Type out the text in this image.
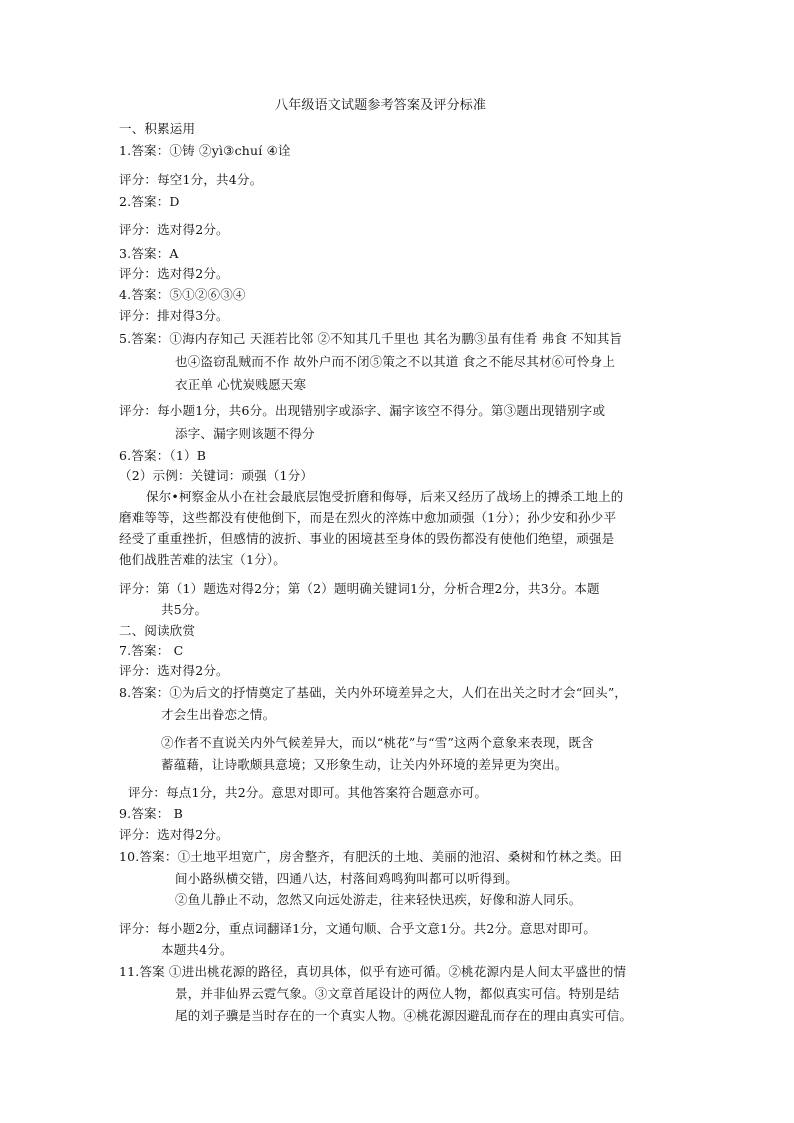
八年级语文试题参考答案及评分标准
一、积累运用
1.答案：①铸 ②yì③chuí ④诠
评分：每空1分，共4分。
2.答案：D
评分：选对得2分。
3.答案：A
评分：选对得2分。
4.答案：⑤①②⑥③④
评分：排对得3分。
5.答案：①海内存知己 天涯若比邻 ②不知其几千里也 其名为鹏③虽有佳肴 弗食 不知其旨
也④盗窃乱贼而不作 故外户而不闭⑤策之不以其道 食之不能尽其材⑥可怜身上
衣正单 心忧炭贱愿天寒
评分：每小题1分，共6分。出现错别字或添字、漏字该空不得分。第③题出现错别字或
添字、漏字则该题不得分
6.答案：（1）B
（2）示例：关键词：顽强（1分）
保尔•柯察金从小在社会最底层饱受折磨和侮辱，后来又经历了战场上的搏杀工地上的
磨难等等，这些都没有使他倒下，而是在烈火的淬炼中愈加顽强（1分）；孙少安和孙少平
经受了重重挫折，但感情的波折、事业的困境甚至身体的毁伤都没有使他们绝望，顽强是
他们战胜苦难的法宝（1分）。
评分：第（1）题选对得2分；第（2）题明确关键词1分，分析合理2分，共3分。本题
共5分。
二、阅读欣赏
7.答案： C
评分：选对得2分。
8.答案：①为后文的抒情奠定了基础，关内外环境差异之大，人们在出关之时才会“回头”，
才会生出眷恋之情。
②作者不直说关内外气候差异大，而以“桃花”与“雪”这两个意象来表现，既含
蓄蕴藉，让诗歌颇具意境；又形象生动，让关内外环境的差异更为突出。
评分：每点1分，共2分。意思对即可。其他答案符合题意亦可。
9.答案： B
评分：选对得2分。
10.答案：①土地平坦宽广，房舍整齐，有肥沃的土地、美丽的池沼、桑树和竹林之类。田
间小路纵横交错，四通八达，村落间鸡鸣狗叫都可以听得到。
②鱼儿静止不动，忽然又向远处游走，往来轻快迅疾，好像和游人同乐。
评分：每小题2分，重点词翻译1分，文通句顺、合乎文意1分。共2分。意思对即可。
本题共4分。
11.答案 ①进出桃花源的路径，真切具体，似乎有迹可循。②桃花源内是人间太平盛世的情
景，并非仙界云霓气象。③文章首尾设计的两位人物，都似真实可信。特别是结
尾的刘子骥是当时存在的一个真实人物。④桃花源因避乱而存在的理由真实可信。
